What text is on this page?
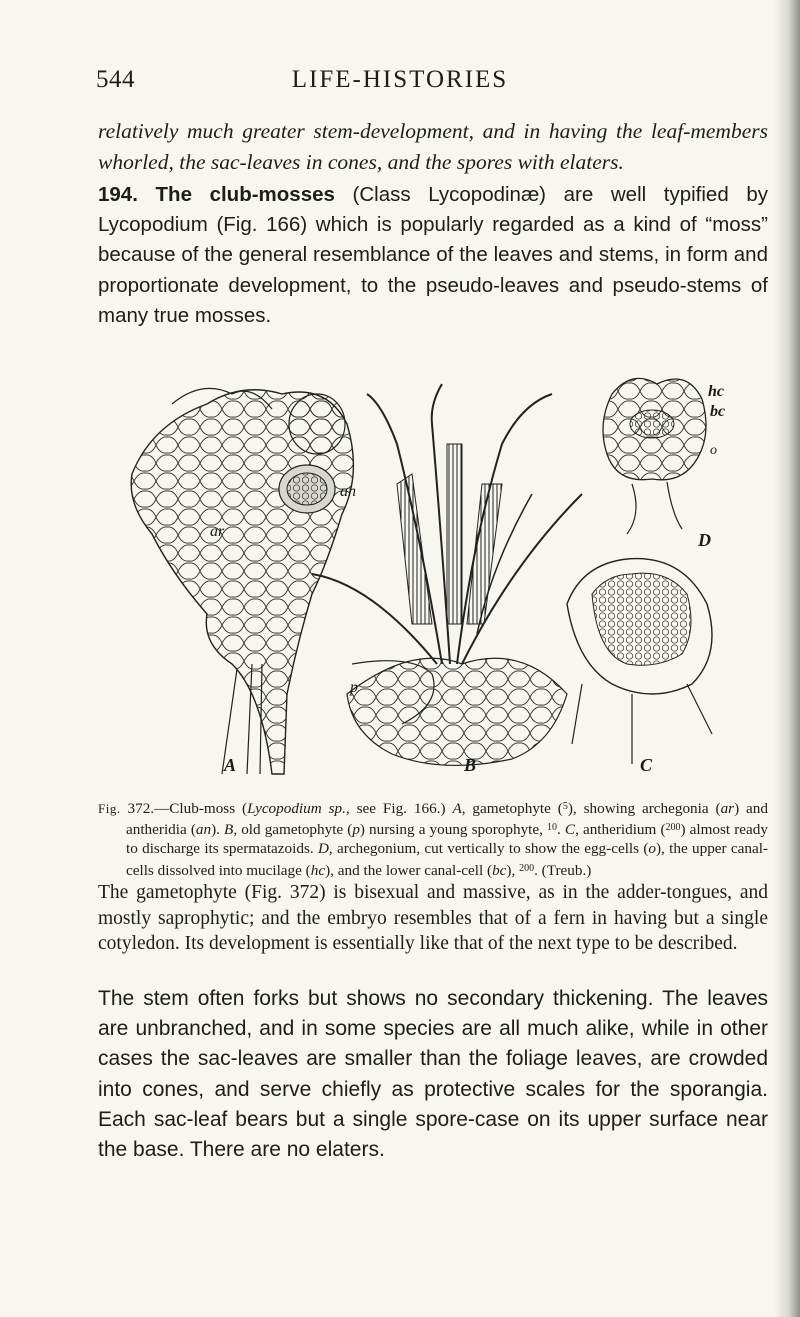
544	LIFE-HISTORIES

relatively much greater stem-development, and in having the leaf-members whorled, the sac-leaves in cones, and the spores with elaters.

194. The club-mosses (Class Lycopodinæ) are well typified by Lycopodium (Fig. 166) which is popularly regarded as a kind of “moss” because of the general resemblance of the leaves and stems, in form and proportionate development, to the pseudo-leaves and pseudo-stems of many true mosses.

A	B	C
D
ar
an
p
hc
bc
o

Fig. 372.—Club-moss (Lycopodium sp., see Fig. 166.) A, gametophyte ($^5$), showing archegonia (ar) and antheridia (an). B, old gametophyte (p) nursing a young sporophyte, $^{10}$. C, antheridium ($^{200}$) almost ready to discharge its spermatazoids. D, archegonium, cut vertically to show the egg-cells (o), the upper canal-cells dissolved into mucilage (hc), and the lower canal-cell (bc), $^{200}$. (Treub.)

The gametophyte (Fig. 372) is bisexual and massive, as in the adder-tongues, and mostly saprophytic; and the embryo resembles that of a fern in having but a single cotyledon. Its development is essentially like that of the next type to be described.

The stem often forks but shows no secondary thickening. The leaves are unbranched, and in some species are all much alike, while in other cases the sac-leaves are smaller than the foliage leaves, are crowded into cones, and serve chiefly as protective scales for the sporangia. Each sac-leaf bears but a single spore-case on its upper surface near the base. There are no elaters.
